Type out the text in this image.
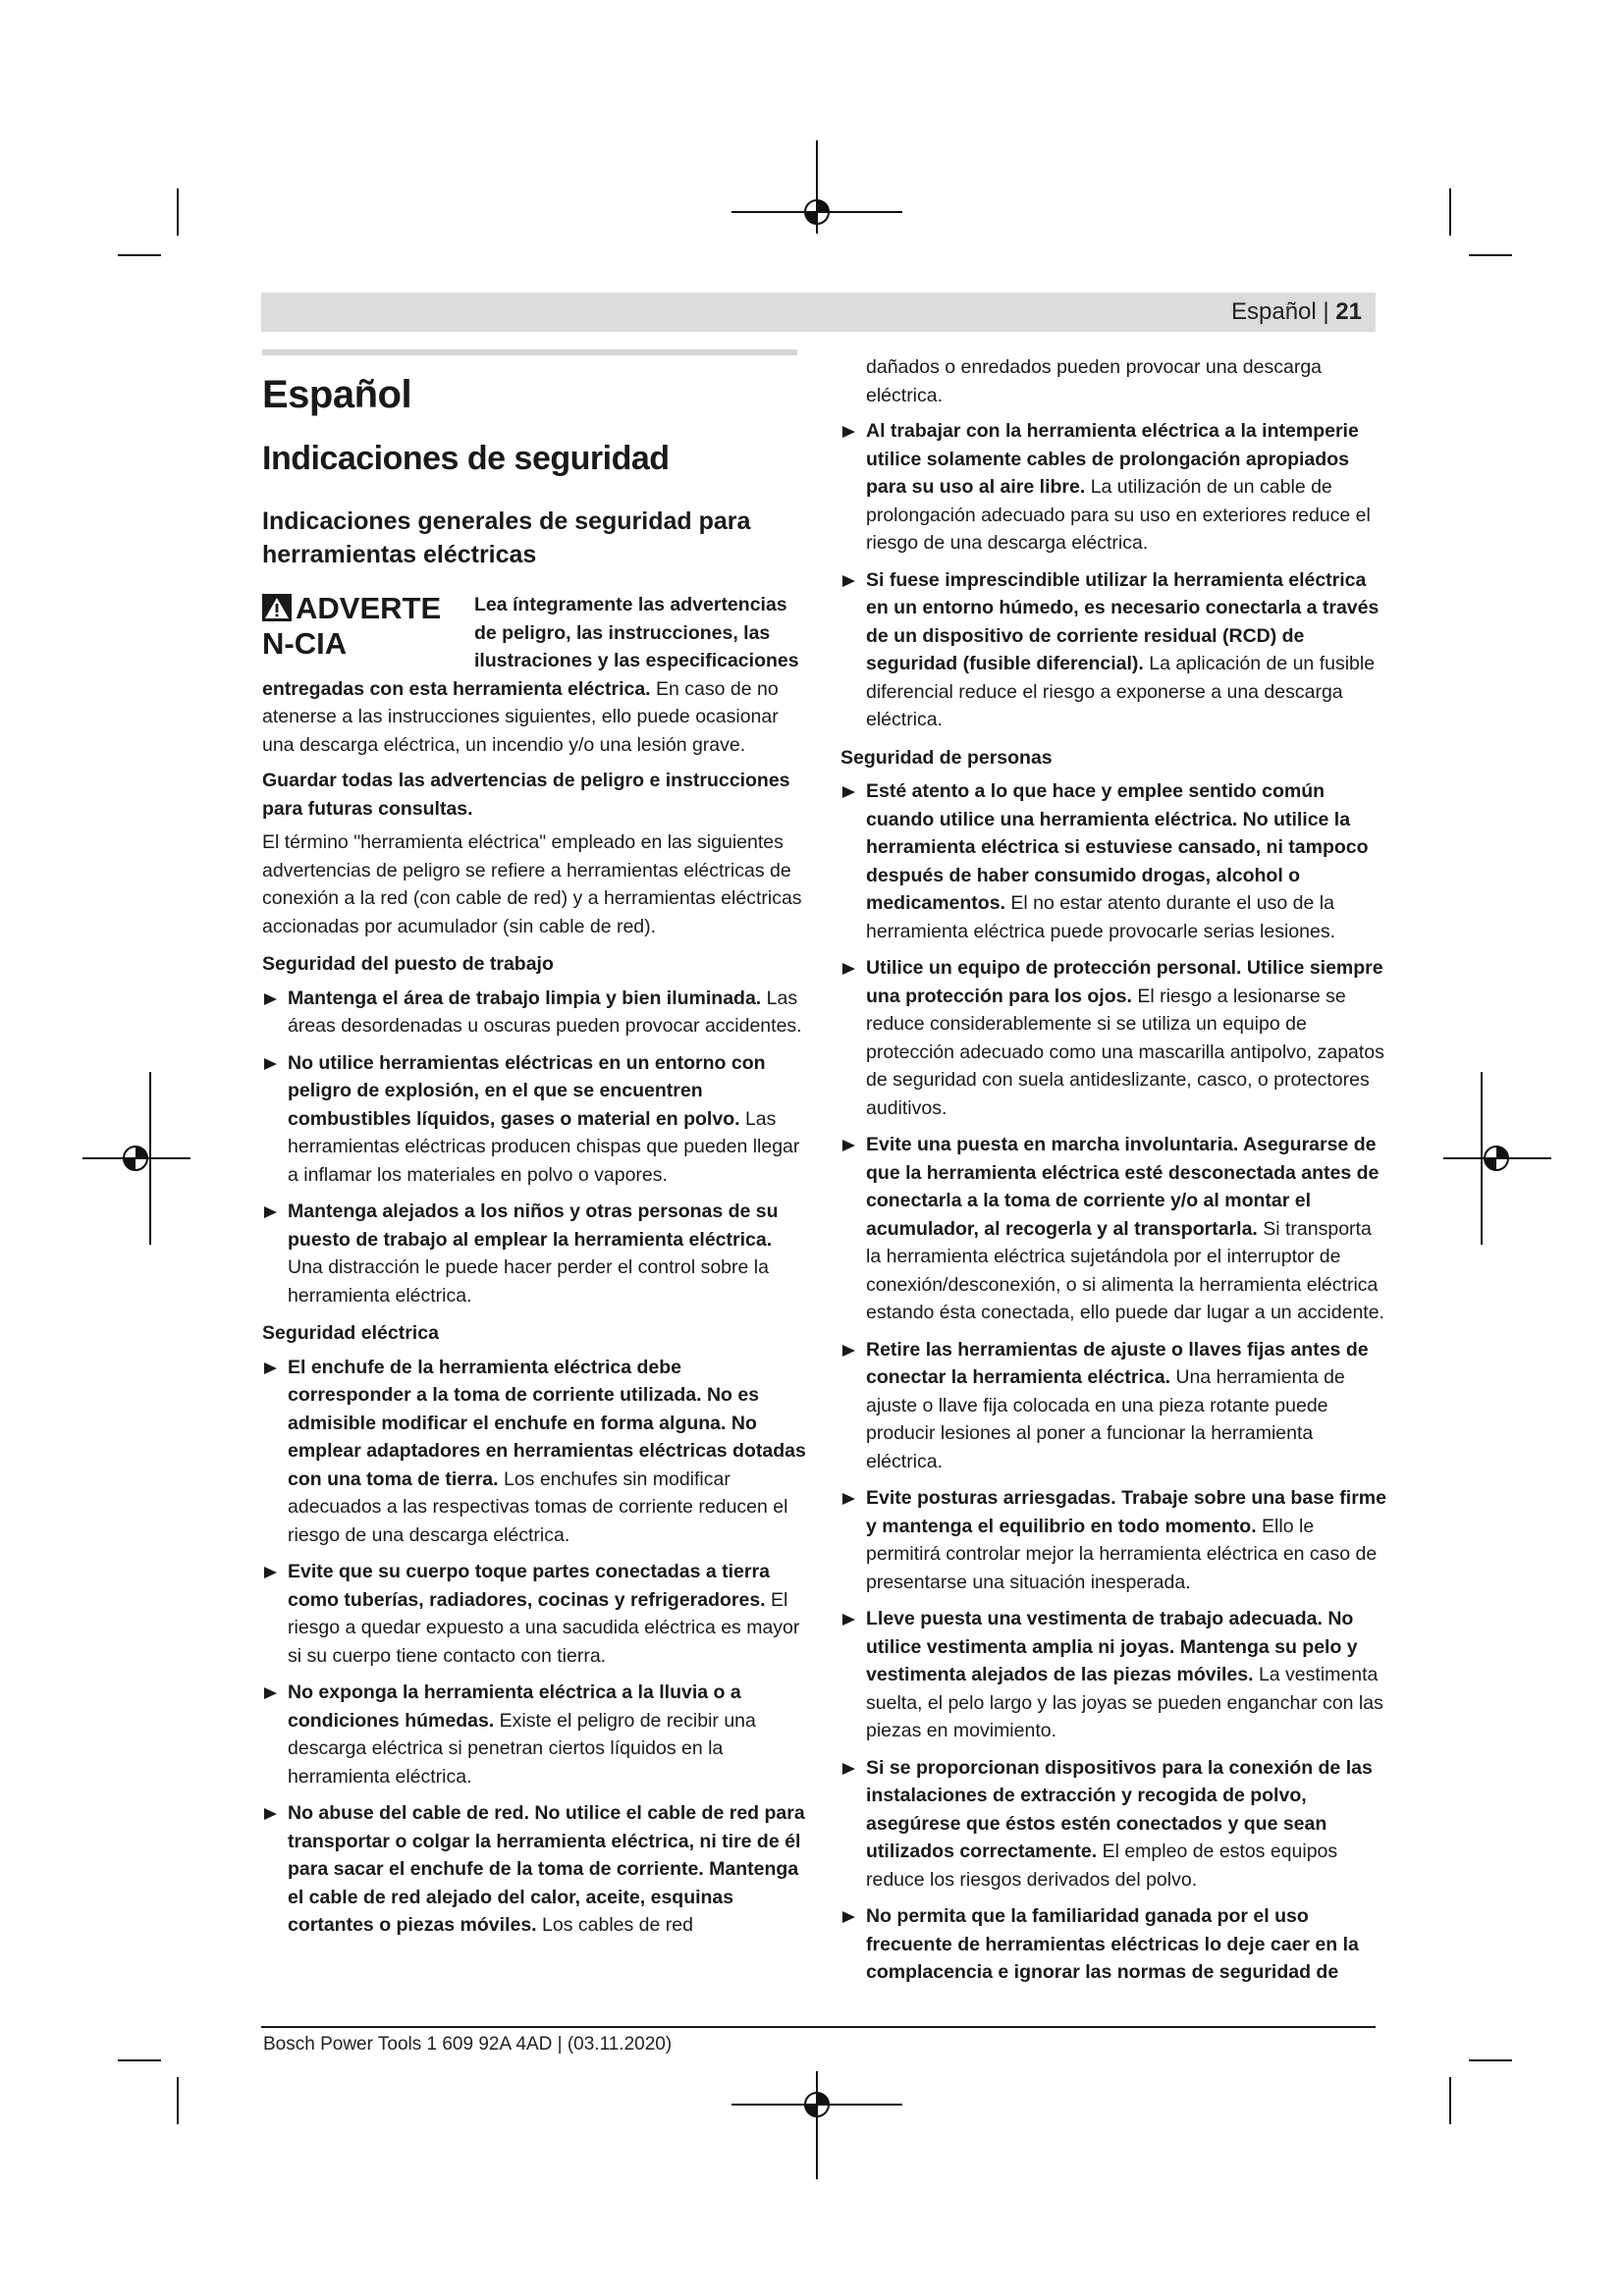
Español | 21
Español
Indicaciones de seguridad
Indicaciones generales de seguridad para herramientas eléctricas
ADVERTEN-CIA

Lea íntegramente las advertencias de peligro, las instrucciones, las ilustraciones y las especificaciones entregadas con esta herramienta eléctrica. En caso de no atenerse a las instrucciones siguientes, ello puede ocasionar una descarga eléctrica, un incendio y/o una lesión grave.

Guardar todas las advertencias de peligro e instrucciones para futuras consultas.

El término "herramienta eléctrica" empleado en las siguientes advertencias de peligro se refiere a herramientas eléctricas de conexión a la red (con cable de red) y a herramientas eléctricas accionadas por acumulador (sin cable de red).

Seguridad del puesto de trabajo

Mantenga el área de trabajo limpia y bien iluminada. Las áreas desordenadas u oscuras pueden provocar accidentes.
No utilice herramientas eléctricas en un entorno con peligro de explosión, en el que se encuentren combustibles líquidos, gases o material en polvo. Las herramientas eléctricas producen chispas que pueden llegar a inflamar los materiales en polvo o vapores.
Mantenga alejados a los niños y otras personas de su puesto de trabajo al emplear la herramienta eléctrica. Una distracción le puede hacer perder el control sobre la herramienta eléctrica.

Seguridad eléctrica

El enchufe de la herramienta eléctrica debe corresponder a la toma de corriente utilizada. No es admisible modificar el enchufe en forma alguna. No emplear adaptadores en herramientas eléctricas dotadas con una toma de tierra. Los enchufes sin modificar adecuados a las respectivas tomas de corriente reducen el riesgo de una descarga eléctrica.
Evite que su cuerpo toque partes conectadas a tierra como tuberías, radiadores, cocinas y refrigeradores. El riesgo a quedar expuesto a una sacudida eléctrica es mayor si su cuerpo tiene contacto con tierra.
No exponga la herramienta eléctrica a la lluvia o a condiciones húmedas. Existe el peligro de recibir una descarga eléctrica si penetran ciertos líquidos en la herramienta eléctrica.
No abuse del cable de red. No utilice el cable de red para transportar o colgar la herramienta eléctrica, ni tire de él para sacar el enchufe de la toma de corriente. Mantenga el cable de red alejado del calor, aceite, esquinas cortantes o piezas móviles. Los cables de red

dañados o enredados pueden provocar una descarga eléctrica.

Al trabajar con la herramienta eléctrica a la intemperie utilice solamente cables de prolongación apropiados para su uso al aire libre. La utilización de un cable de prolongación adecuado para su uso en exteriores reduce el riesgo de una descarga eléctrica.
Si fuese imprescindible utilizar la herramienta eléctrica en un entorno húmedo, es necesario conectarla a través de un dispositivo de corriente residual (RCD) de seguridad (fusible diferencial). La aplicación de un fusible diferencial reduce el riesgo a exponerse a una descarga eléctrica.

Seguridad de personas

Esté atento a lo que hace y emplee sentido común cuando utilice una herramienta eléctrica. No utilice la herramienta eléctrica si estuviese cansado, ni tampoco después de haber consumido drogas, alcohol o medicamentos. El no estar atento durante el uso de la herramienta eléctrica puede provocarle serias lesiones.
Utilice un equipo de protección personal. Utilice siempre una protección para los ojos. El riesgo a lesionarse se reduce considerablemente si se utiliza un equipo de protección adecuado como una mascarilla antipolvo, zapatos de seguridad con suela antideslizante, casco, o protectores auditivos.
Evite una puesta en marcha involuntaria. Asegurarse de que la herramienta eléctrica esté desconectada antes de conectarla a la toma de corriente y/o al montar el acumulador, al recogerla y al transportarla. Si transporta la herramienta eléctrica sujetándola por el interruptor de conexión/desconexión, o si alimenta la herramienta eléctrica estando ésta conectada, ello puede dar lugar a un accidente.
Retire las herramientas de ajuste o llaves fijas antes de conectar la herramienta eléctrica. Una herramienta de ajuste o llave fija colocada en una pieza rotante puede producir lesiones al poner a funcionar la herramienta eléctrica.
Evite posturas arriesgadas. Trabaje sobre una base firme y mantenga el equilibrio en todo momento. Ello le permitirá controlar mejor la herramienta eléctrica en caso de presentarse una situación inesperada.
Lleve puesta una vestimenta de trabajo adecuada. No utilice vestimenta amplia ni joyas. Mantenga su pelo y vestimenta alejados de las piezas móviles. La vestimenta suelta, el pelo largo y las joyas se pueden enganchar con las piezas en movimiento.
Si se proporcionan dispositivos para la conexión de las instalaciones de extracción y recogida de polvo, asegúrese que éstos estén conectados y que sean utilizados correctamente. El empleo de estos equipos reduce los riesgos derivados del polvo.
No permita que la familiaridad ganada por el uso frecuente de herramientas eléctricas lo deje caer en la complacencia e ignorar las normas de seguridad de
Bosch Power Tools 1 609 92A 4AD | (03.11.2020)
